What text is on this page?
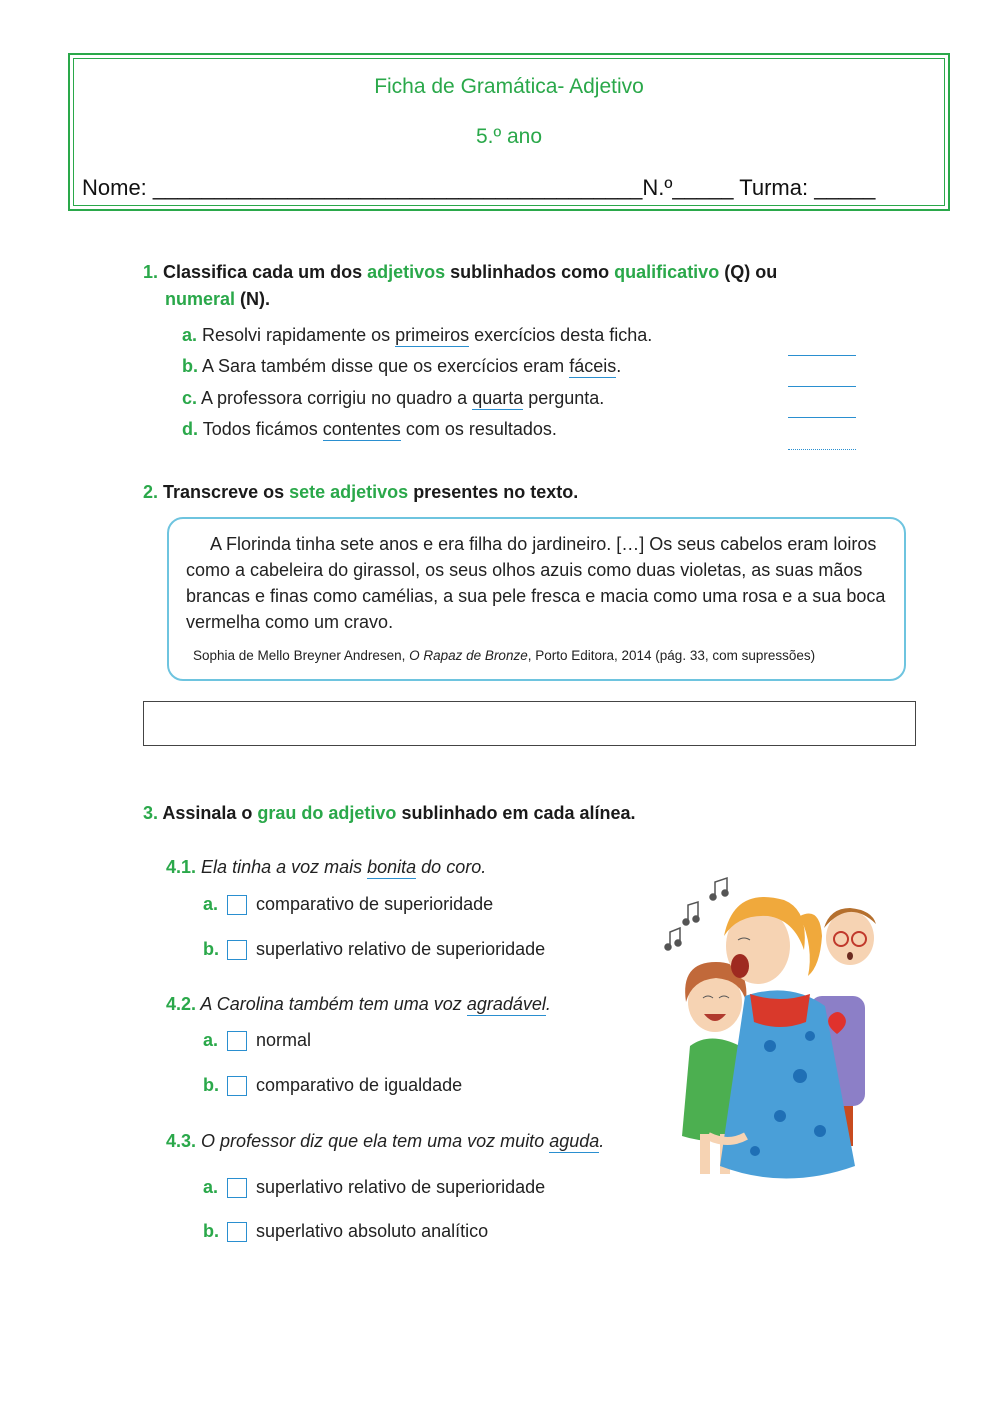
Ficha de Gramática- Adjetivo
5.º ano
Nome: ________________________________________N.º_____ Turma: _____
1. Classifica cada um dos adjetivos sublinhados como qualificativo (Q) ou
numeral (N).
a. Resolvi rapidamente os primeiros exercícios desta ficha.
b. A Sara também disse que os exercícios eram fáceis.
c. A professora corrigiu no quadro a quarta pergunta.
d. Todos ficámos contentes com os resultados.
2. Transcreve os sete adjetivos presentes no texto.

A Florinda tinha sete anos e era filha do jardineiro. […] Os seus cabelos eram loiros como a cabeleira do girassol, os seus olhos azuis como duas violetas, as suas mãos brancas e finas como camélias, a sua pele fresca e macia como uma rosa e a sua boca vermelha como um cravo.

Sophia de Mello Breyner Andresen, O Rapaz de Bronze, Porto Editora, 2014 (pág. 33, com supressões)
3. Assinala o grau do adjetivo sublinhado em cada alínea.
4.1. Ela tinha a voz mais bonita do coro.
a.	comparativo de superioridade
b.	superlativo relativo de superioridade
4.2. A Carolina também tem uma voz agradável.
a.	normal
b.	comparativo de igualdade
4.3. O professor diz que ela tem uma voz muito aguda.
a.	superlativo relativo de superioridade
b.	superlativo absoluto analítico
